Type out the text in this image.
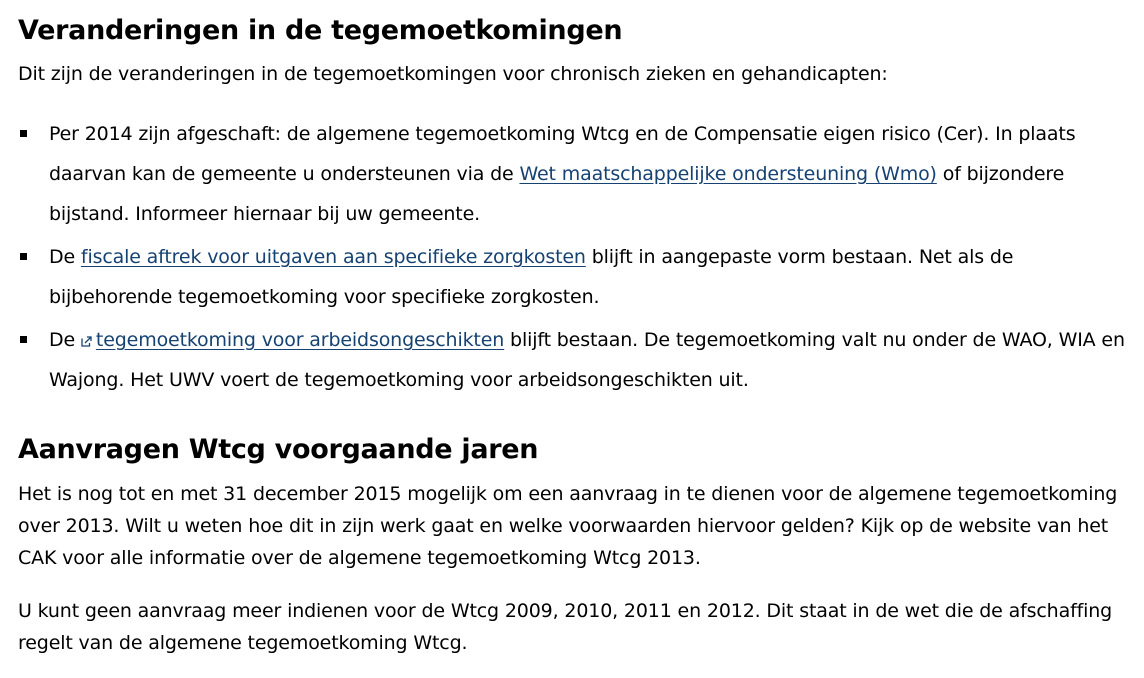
Veranderingen in de tegemoetkomingen

Dit zijn de veranderingen in de tegemoetkomingen voor chronisch zieken en gehandicapten:

Per 2014 zijn afgeschaft: de algemene tegemoetkoming Wtcg en de Compensatie eigen risico (Cer). In plaats daarvan kan de gemeente u ondersteunen via de Wet maatschappelijke ondersteuning (Wmo) of bijzondere bijstand. Informeer hiernaar bij uw gemeente.
De fiscale aftrek voor uitgaven aan specifieke zorgkosten blijft in aangepaste vorm bestaan. Net als de bijbehorende tegemoetkoming voor specifieke zorgkosten.
De tegemoetkoming voor arbeidsongeschikten blijft bestaan. De tegemoetkoming valt nu onder de WAO, WIA en Wajong. Het UWV voert de tegemoetkoming voor arbeidsongeschikten uit.
Aanvragen Wtcg voorgaande jaren

Het is nog tot en met 31 december 2015 mogelijk om een aanvraag in te dienen voor de algemene tegemoetkoming over 2013. Wilt u weten hoe dit in zijn werk gaat en welke voorwaarden hiervoor gelden? Kijk op de website van het CAK voor alle informatie over de algemene tegemoetkoming Wtcg 2013.

U kunt geen aanvraag meer indienen voor de Wtcg 2009, 2010, 2011 en 2012. Dit staat in de wet die de afschaffing regelt van de algemene tegemoetkoming Wtcg.
